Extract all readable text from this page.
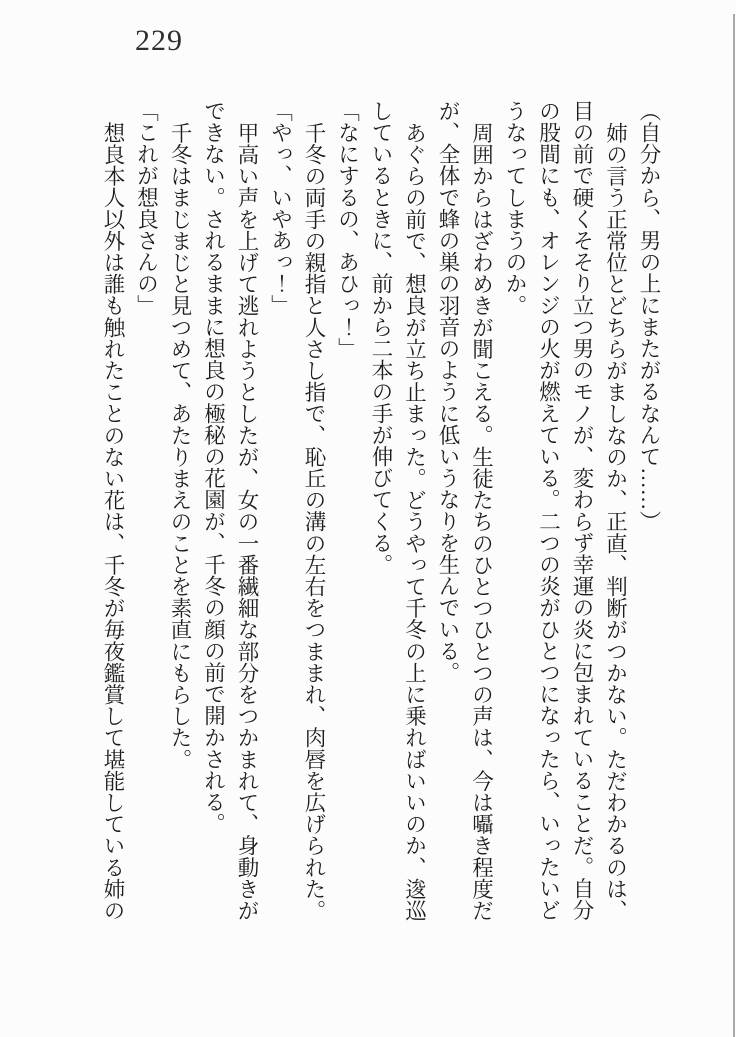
229

（自分から、男の上にまたがるなんて……）

姉の言う正常位とどちらがましなのか、正直、判断がつかない。ただわかるのは、

目の前で硬くそそり立つ男のモノが、変わらず幸運の炎に包まれていることだ。自分

の股間にも、オレンジの火が燃えている。二つの炎がひとつになったら、いったいど

うなってしまうのか。

周囲からはざわめきが聞こえる。生徒たちのひとつひとつの声は、今は囁き程度だ

が、全体で蜂の巣の羽音のように低いうなりを生んでいる。

あぐらの前で、想良が立ち止まった。どうやって千冬の上に乗ればいいのか、逡巡

しているときに、前から二本の手が伸びてくる。

「なにするの、あひっ！」

千冬の両手の親指と人さし指で、恥丘の溝の左右をつままれ、肉唇を広げられた。

「やっ、いやあっ！」

甲高い声を上げて逃れようとしたが、女の一番繊細な部分をつかまれて、身動きが

できない。されるままに想良の極秘の花園が、千冬の顔の前で開かされる。

千冬はまじまじと見つめて、あたりまえのことを素直にもらした。

「これが想良さんの」

想良本人以外は誰も触れたことのない花は、千冬が毎夜鑑賞して堪能している姉の
